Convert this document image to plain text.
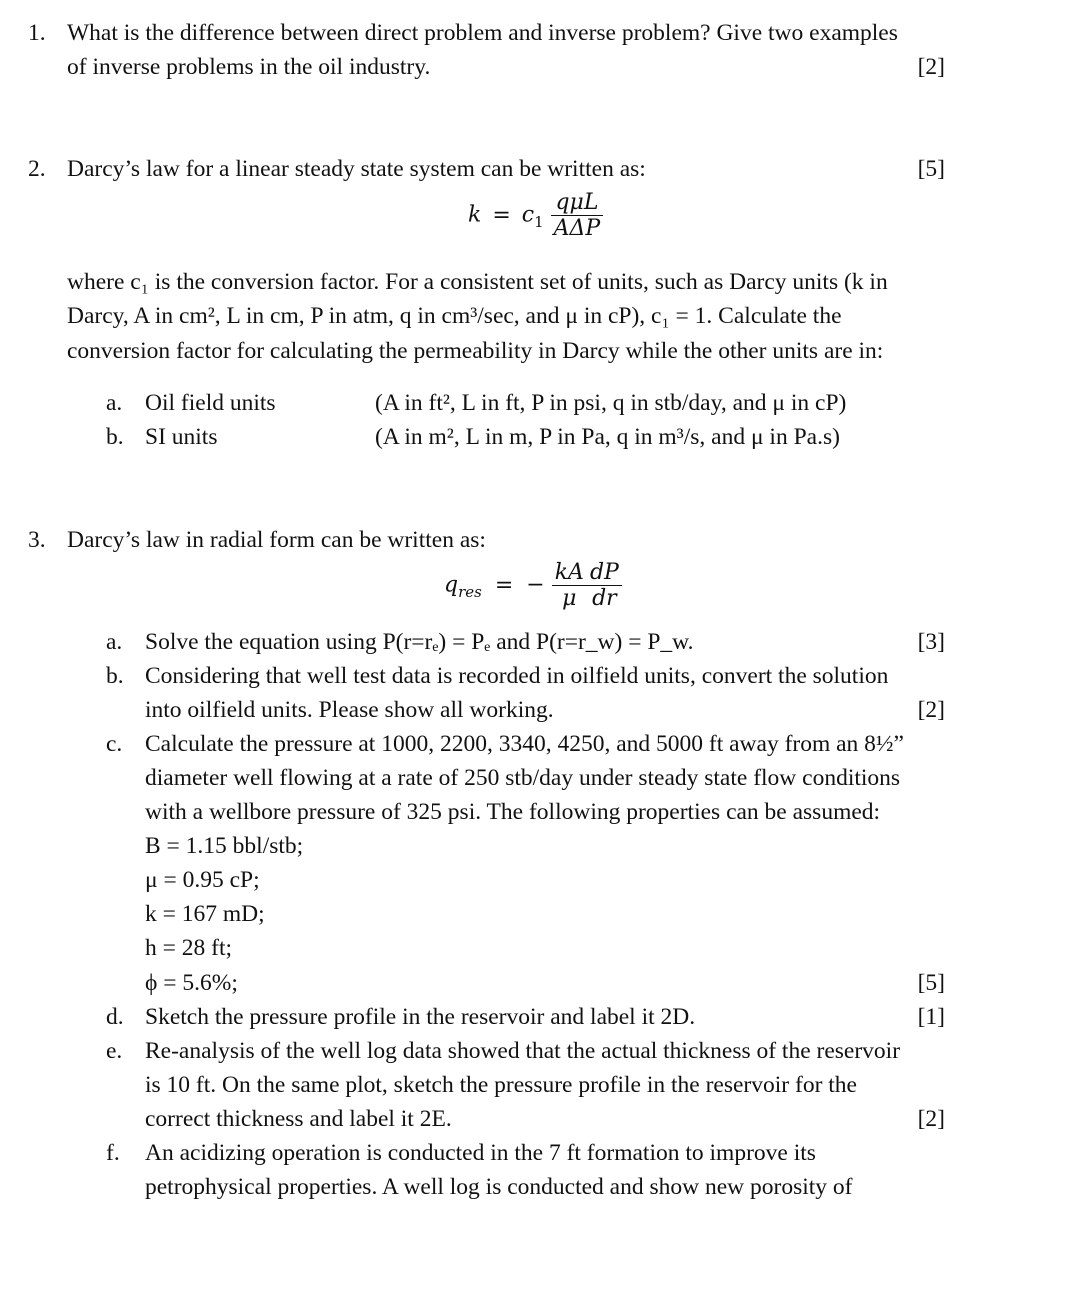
1. What is the difference between direct problem and inverse problem? Give two examples
of inverse problems in the oil industry.	[2]
2. Darcy’s law for a linear steady state system can be written as:	[5]
$k = c_1 \frac{\text{qμL}}{\text{AΔP}}$
where c₁ is the conversion factor. For a consistent set of units, such as Darcy units (k in
Darcy, A in cm², L in cm, P in atm, q in cm³/sec, and μ in cP), c₁ = 1. Calculate the
conversion factor for calculating the permeability in Darcy while the other units are in:
a. Oil field units	(A in ft², L in ft, P in psi, q in stb/day, and μ in cP)
b. SI units	(A in m², L in m, P in Pa, q in m³/s, and μ in Pa.s)
3. Darcy’s law in radial form can be written as:
$q_{res}$ = − $\frac{kA}{\mu} \frac{dP}{dr}$
a. Solve the equation using P(r=rₑ) = Pₑ and P(r=r_w) = P_w.	[3]
b. Considering that well test data is recorded in oilfield units, convert the solution
into oilfield units. Please show all working.	[2]
c. Calculate the pressure at 1000, 2200, 3340, 4250, and 5000 ft away from an 8½”
diameter well flowing at a rate of 250 stb/day under steady state flow conditions
with a wellbore pressure of 325 psi. The following properties can be assumed:
B = 1.15 bbl/stb;
μ = 0.95 cP;
k = 167 mD;
h = 28 ft;
ϕ = 5.6%;	[5]
d. Sketch the pressure profile in the reservoir and label it 2D.	[1]
e. Re-analysis of the well log data showed that the actual thickness of the reservoir
is 10 ft. On the same plot, sketch the pressure profile in the reservoir for the
correct thickness and label it 2E.	[2]
f. An acidizing operation is conducted in the 7 ft formation to improve its
petrophysical properties. A well log is conducted and show new porosity of
